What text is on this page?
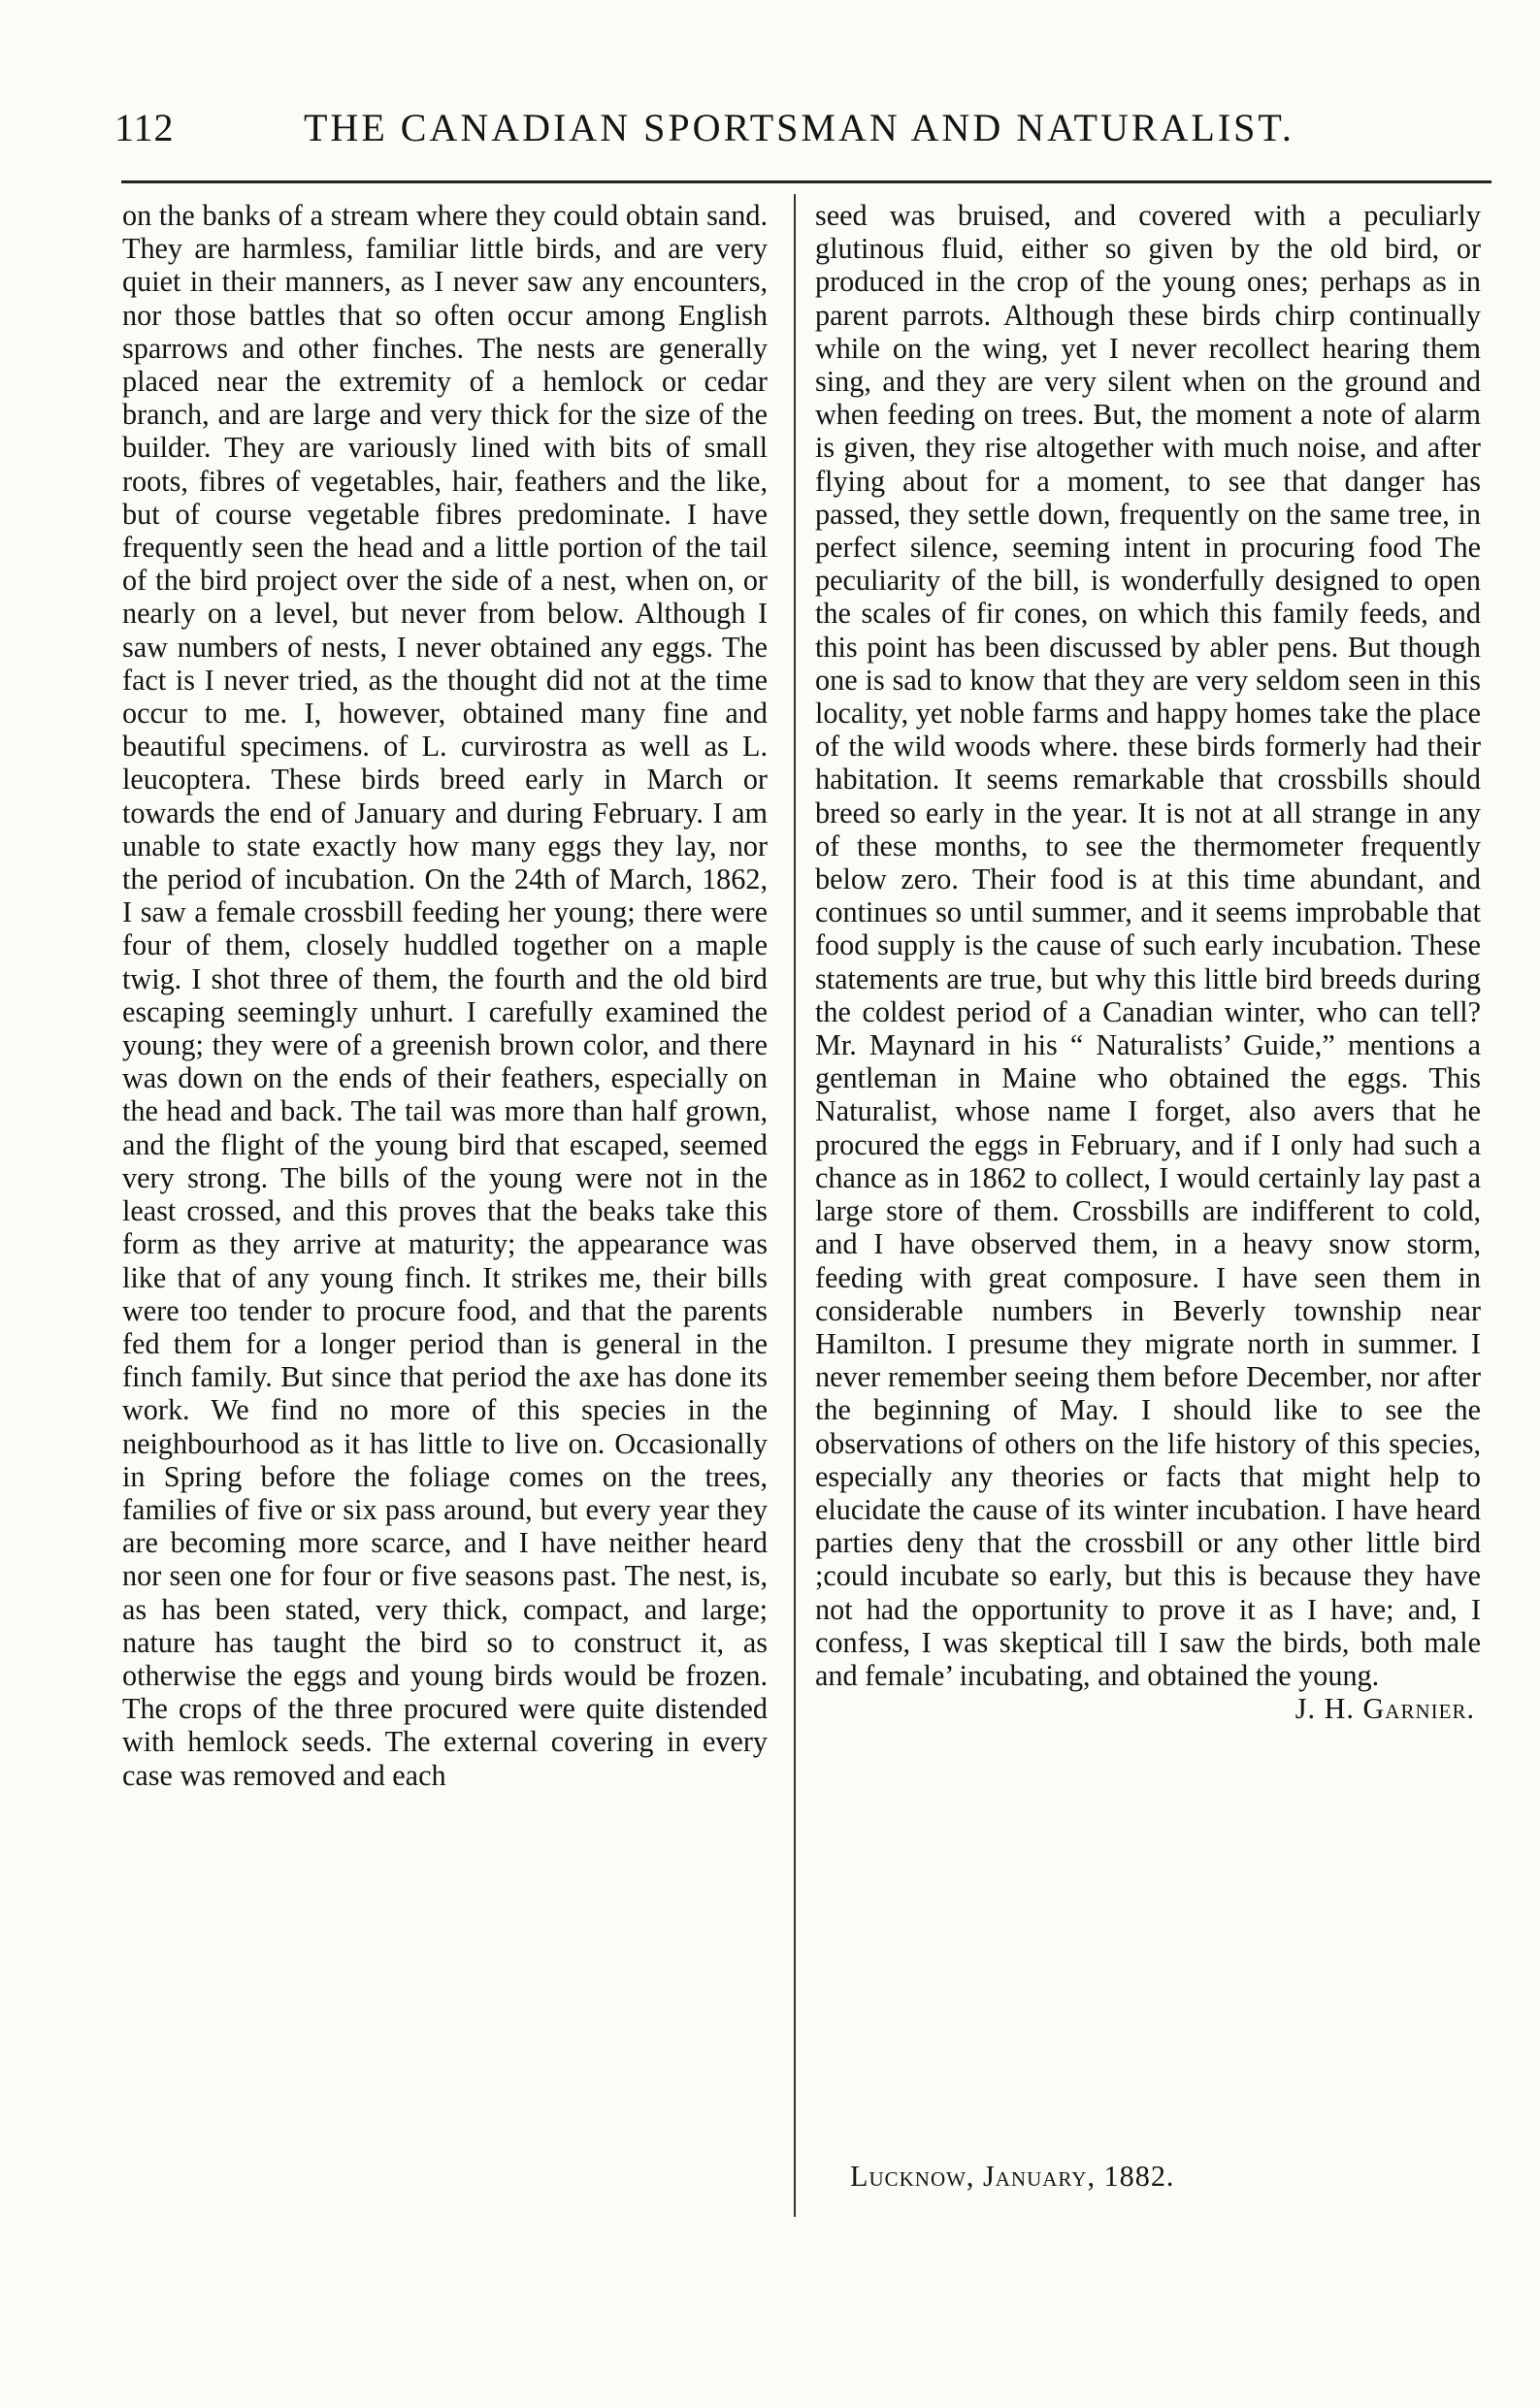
112	THE CANADIAN SPORTSMAN AND NATURALIST.

on the banks of a stream where they could obtain sand. They are harmless, familiar little birds, and are very quiet in their manners, as I never saw any encounters, nor those battles that so often occur among English sparrows and other finches. The nests are generally placed near the extremity of a hemlock or cedar branch, and are large and very thick for the size of the builder. They are variously lined with bits of small roots, fibres of vegetables, hair, feathers and the like, but of course vegetable fibres predominate. I have frequently seen the head and a little portion of the tail of the bird project over the side of a nest, when on, or nearly on a level, but never from below. Although I saw numbers of nests, I never obtained any eggs. The fact is I never tried, as the thought did not at the time occur to me. I, however, obtained many fine and beautiful specimens. of L. curvirostra as well as L. leucoptera. These birds breed early in March or towards the end of January and during February. I am unable to state exactly how many eggs they lay, nor the period of incubation. On the 24th of March, 1862, I saw a female crossbill feeding her young; there were four of them, closely huddled together on a maple twig. I shot three of them, the fourth and the old bird escaping seemingly unhurt. I carefully examined the young; they were of a greenish brown color, and there was down on the ends of their feathers, especially on the head and back. The tail was more than half grown, and the flight of the young bird that escaped, seemed very strong. The bills of the young were not in the least crossed, and this proves that the beaks take this form as they arrive at maturity; the appearance was like that of any young finch. It strikes me, their bills were too tender to procure food, and that the parents fed them for a longer period than is general in the finch family. But since that period the axe has done its work. We find no more of this species in the neighbourhood as it has little to live on. Occasionally in Spring before the foliage comes on the trees, families of five or six pass around, but every year they are becoming more scarce, and I have neither heard nor seen one for four or five seasons past. The nest, is, as has been stated, very thick, compact, and large; nature has taught the bird so to construct it, as otherwise the eggs and young birds would be frozen. The crops of the three procured were quite distended with hemlock seeds. The external covering in every case was removed and each

seed was bruised, and covered with a peculiarly glutinous fluid, either so given by the old bird, or produced in the crop of the young ones; perhaps as in parent parrots. Although these birds chirp continually while on the wing, yet I never recollect hearing them sing, and they are very silent when on the ground and when feeding on trees. But, the moment a note of alarm is given, they rise altogether with much noise, and after flying about for a moment, to see that danger has passed, they settle down, frequently on the same tree, in perfect silence, seeming intent in procuring food The peculiarity of the bill, is wonderfully designed to open the scales of fir cones, on which this family feeds, and this point has been discussed by abler pens. But though one is sad to know that they are very seldom seen in this locality, yet noble farms and happy homes take the place of the wild woods where. these birds formerly had their habitation. It seems remarkable that crossbills should breed so early in the year. It is not at all strange in any of these months, to see the thermometer frequently below zero. Their food is at this time abundant, and continues so until summer, and it seems improbable that food supply is the cause of such early incubation. These statements are true, but why this little bird breeds during the coldest period of a Canadian winter, who can tell? Mr. Maynard in his “ Naturalists’ Guide,” mentions a gentleman in Maine who obtained the eggs. This Naturalist, whose name I forget, also avers that he procured the eggs in February, and if I only had such a chance as in 1862 to collect, I would certainly lay past a large store of them. Crossbills are indifferent to cold, and I have observed them, in a heavy snow storm, feeding with great composure. I have seen them in considerable numbers in Beverly township near Hamilton. I presume they migrate north in summer. I never remember seeing them before December, nor after the beginning of May. I should like to see the observations of others on the life history of this species, especially any theories or facts that might help to elucidate the cause of its winter incubation. I have heard parties deny that the crossbill or any other little bird ;could incubate so early, but this is because they have not had the opportunity to prove it as I have; and, I confess, I was skeptical till I saw the birds, both male and female’ incubating, and obtained the young.

J. H. Garnier.

Lucknow, January, 1882.
